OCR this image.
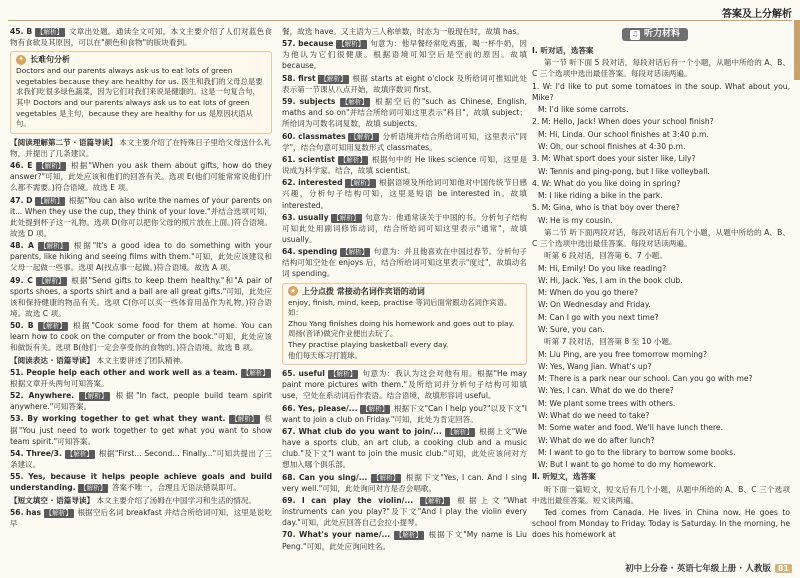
答案及上分解析
45. B 【解析】 文章出处题。通读全文可知，本文主要介绍了人们对蓝色食物有食欲及其原因，可以在"颜色和食物"的版块看到。
✦ 长难句分析

Doctors and our parents always ask us to eat lots of green vegetables because they are healthy for us. 医生和我们的父母总是要求我们吃很多绿色蔬菜，因为它们对我们来说是健康的。这是一句复合句，其中 Doctors and our parents always ask us to eat lots of green vegetables 是主句，because they are healthy for us 是原因状语从句。

【阅读理解第二节 · 语篇导读】 本文主要介绍了在特殊日子里给父母送什么礼物，并提出了几条建议。
46. E 【解析】 根据"When you ask them about gifts, how do they answer?"可知，此处应该和他们的回答有关。选项 E(他们可能常常说他们什么都不需要。)符合语境。故选 E 项。
47. D 【解析】 根据"You can also write the names of your parents on it... When they use the cup, they think of your love."并结合选项可知，此处提到杯子这一礼物。选项 D(你可以把你父母的照片放在上面。)符合语境。故选 D 项。
48. A 【解析】 根据"It's a good idea to do something with your parents, like hiking and seeing films with them."可知，此处应该建议和父母一起做一些事。选项 A(找点事一起做。)符合语境。故选 A 项。
49. C 【解析】 根据"Send gifts to keep them healthy."和"A pair of sports shoes, a sports shirt and a ball are all great gifts."可知，此处应该和保持健康的物品有关。选项 C(你可以买一些体育用品作为礼物。)符合语境。故选 C 项。
50. B 【解析】 根据"Cook some food for them at home. You can learn how to cook on the computer or from the book."可知，此处应该和做饭有关。选项 B(他们一定会享受你的食物的。)符合语境。故选 B 项。
【阅读表达 · 语篇导读】 本文主要讲述了团队精神。
51. People help each other and work well as a team. 【解析】 根据文章开头两句可知答案。
52. Anywhere. 【解析】 根据"In fact, people build team spirit anywhere."可知答案。
53. By working together to get what they want. 【解析】 根据"You just need to work together to get what you want to show team spirit."可知答案。
54. Three/3. 【解析】 根据"First... Second... Finally..."可知共提出了三条建议。
55. Yes, because it helps people achieve goals and build understanding. 【解析】 答案不唯一，合理且无语法错误即可。
【短文填空 · 语篇导读】 本文主要介绍了汤姆在中国学习和生活的情况。
56. has 【解析】 根据空后名词 breakfast 并结合所给词可知，这里是说吃早
餐，故选 have。又主语为三人称单数，时态为一般现在时，故填 has。
57. because 【解析】 句意为：他早餐经常吃鸡蛋，喝一杯牛奶，因为他认为它们很健康。根据语境可知空后是空前的原因。故填 because。
58. first 【解析】 根据 starts at eight o'clock 及所给词可推知此处表示第一节课从八点开始，故填序数词 first。
59. subjects 【解析】 根据空后的"such as Chinese, English, maths and so on"并结合所给词可知这里表示"科目"，故填 subject；所给词为可数名词复数，故填 subjects。
60. classmates 【解析】 分析语境并结合所给词可知，这里表示"同学"，结合句意可知用复数形式 classmates。
61. scientist 【解析】 根据句中的 He likes science 可知，这里是说成为科学家。结合，故填 scientist。
62. interested 【解析】 根据语境及所给词可知他对中国传统节日感兴趣，分析句子结构可知，这里是短语 be interested in。故填 interested。
63. usually 【解析】 句意为：他通常读关于中国的书。分析句子结构可知此处用副词修饰动词，结合所给词可知这里表示"通常"，故填 usually。
64. spending 【解析】 句意为：并且他喜欢在中国过春节。分析句子结构可知空处在 enjoys 后，结合所给词可知这里表示"度过"，故填动名词 spending。
★ 上分点拨 常接动名词作宾语的动词

enjoy, finish, mind, keep, practise 等词后面常跟动名词作宾语。如：

Zhou Yang finishes doing his homework and goes out to play.

周扬(音译)做完作业便出去玩了。

They practise playing basketball every day.

他们每天练习打篮球。

65. useful 【解析】 句意为：我认为这会对他有用。根据"He may paint more pictures with them."及所给词并分析句子结构可知填 use，空处在系动词后作表语。结合语境，故填形容词 useful。
66. Yes, please/... 【解析】 根据下文"Can I help you?"以及下文"I want to join a club on Friday."可知，此处为肯定回答。
67. What club do you want to join/... 【解析】 根据上文"We have a sports club, an art club, a cooking club and a music club."及下文"I want to join the music club."可知，此处应该问对方想加入哪个俱乐部。
68. Can you sing/... 【解析】 根据下文"Yes, I can. And I sing very well."可知，此处询问对方是否会唱歌。
69. I can play the violin/... 【解析】 根据上文"What instruments can you play?"及下文"And I play the violin every day."可知，此处应回答自己会拉小提琴。
70. What's your name/... 【解析】 根据下文"My name is Liu Peng."可知，此处应询问姓名。
♫ 听力材料
Ⅰ. 听对话，选答案
第一节 听下面 5 段对话，每段对话后有一个小题，从题中所给的 A、B、C 三个选项中选出最佳答案。每段对话读两遍。
1. W: I'd like to put some tomatoes in the soup. What about you, Mike?
M: I'd like some carrots.
2. M: Hello, Jack! When does your school finish?
M: Hi, Linda. Our school finishes at 3:40 p.m.
W: Oh, our school finishes at 4:30 p.m.
3. M: What sport does your sister like, Lily?
W: Tennis and ping-pong, but I like volleyball.
4. W: What do you like doing in spring?
M: I like riding a bike in the park.
5. M: Gina, who is that boy over there?
W: He is my cousin.
第二节 听下面两段对话，每段对话后有几个小题，从题中所给的 A、B、C 三个选项中选出最佳答案。每段对话读两遍。
听第 6 段对话，回答第 6、7 小题。
M: Hi, Emily! Do you like reading?
W: Hi, Jack. Yes, I am in the book club.
M: When do you go there?
W: On Wednesday and Friday.
M: Can I go with you next time?
W: Sure, you can.
听第 7 段对话，回答第 8 至 10 小题。
M: Liu Ping, are you free tomorrow morning?
W: Yes, Wang Jian. What's up?
M: There is a park near our school. Can you go with me?
W: Yes, I can. What do we do there?
M: We plant some trees with others.
W: What do we need to take?
M: Some water and food. We'll have lunch there.
W: What do we do after lunch?
M: I want to go to the library to borrow some books.
W: But I want to go home to do my homework.
Ⅱ. 听短文，选答案
听下面一篇短文，短文后有几个小题，从题中所给的 A、B、C 三个选项中选出最佳答案。短文读两遍。
Ted comes from Canada. He lives in China now. He goes to school from Monday to Friday. Today is Saturday. In the morning, he does his homework at
初中上分卷 · 英语七年级上册 · 人教版 81
